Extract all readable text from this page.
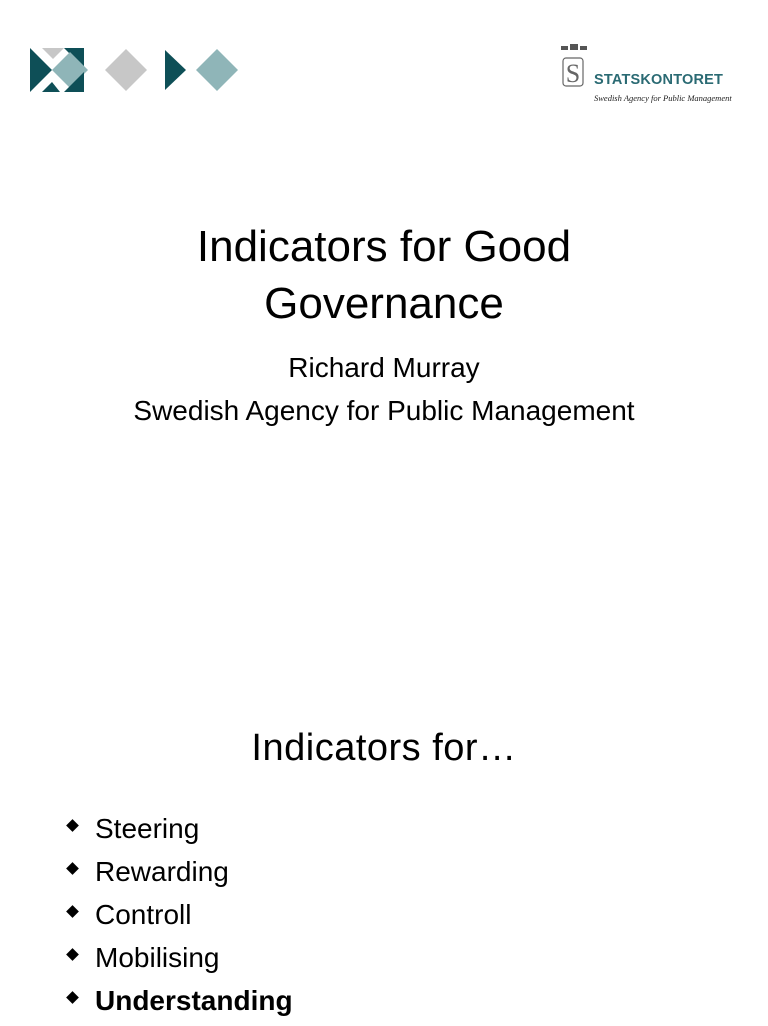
S STATSKONTORET
Swedish Agency for Public Management
Indicators for Good Governance

Richard Murray

Swedish Agency for Public Management

Indicators for…
Steering
Rewarding
Controll
Mobilising
Understanding
